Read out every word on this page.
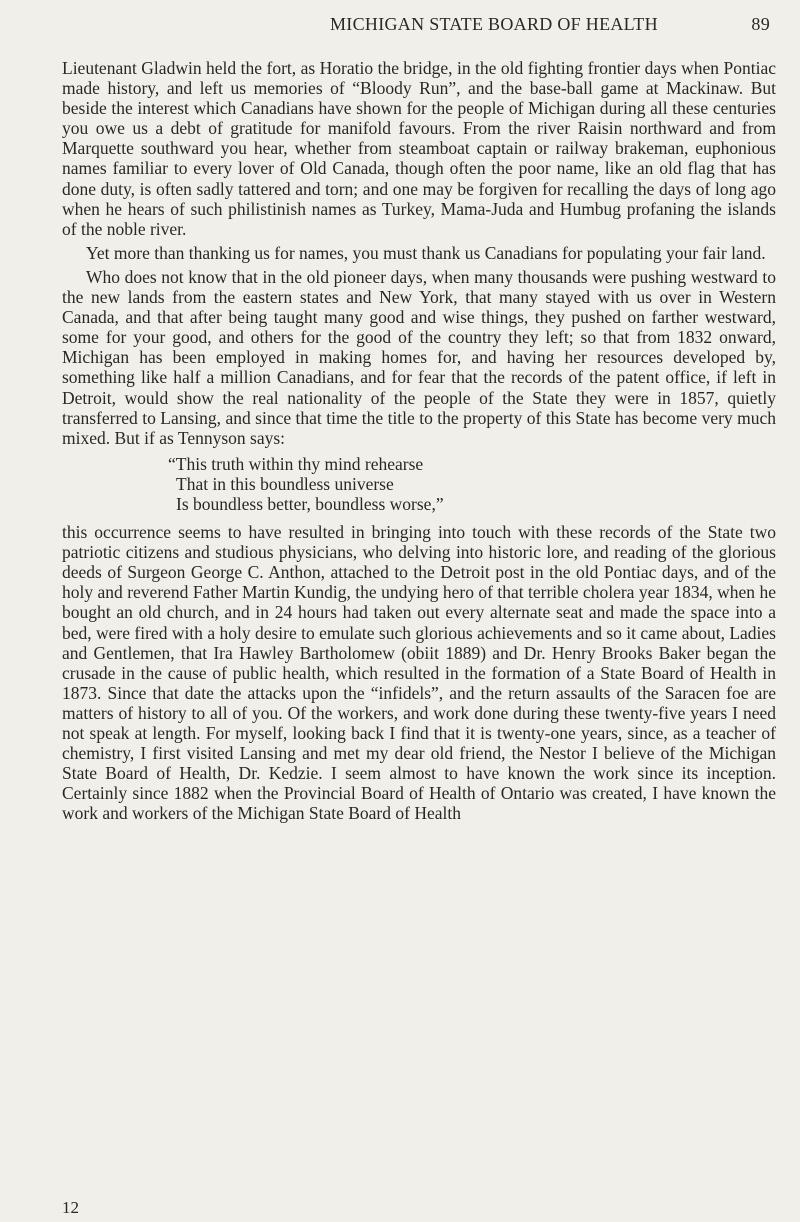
MICHIGAN STATE BOARD OF HEALTH	89

Lieutenant Gladwin held the fort, as Horatio the bridge, in the old fighting frontier days when Pontiac made history, and left us memories of “Bloody Run”, and the base-ball game at Mackinaw. But beside the interest which Canadians have shown for the people of Michigan during all these centuries you owe us a debt of gratitude for manifold favours. From the river Raisin northward and from Marquette southward you hear, whether from steamboat captain or railway brakeman, euphonious names familiar to every lover of Old Canada, though often the poor name, like an old flag that has done duty, is often sadly tattered and torn; and one may be forgiven for recalling the days of long ago when he hears of such philistinish names as Turkey, Mama-Juda and Humbug profaning the islands of the noble river.

Yet more than thanking us for names, you must thank us Canadians for populating your fair land.

Who does not know that in the old pioneer days, when many thousands were pushing westward to the new lands from the eastern states and New York, that many stayed with us over in Western Canada, and that after being taught many good and wise things, they pushed on farther westward, some for your good, and others for the good of the country they left; so that from 1832 onward, Michigan has been employed in making homes for, and having her resources developed by, something like half a million Canadians, and for fear that the records of the patent office, if left in Detroit, would show the real nationality of the people of the State they were in 1857, quietly transferred to Lansing, and since that time the title to the property of this State has become very much mixed. But if as Tennyson says:

“This truth within thy mind rehearse
That in this boundless universe
Is boundless better, boundless worse,”

this occurrence seems to have resulted in bringing into touch with these records of the State two patriotic citizens and studious physicians, who delving into historic lore, and reading of the glorious deeds of Surgeon George C. Anthon, attached to the Detroit post in the old Pontiac days, and of the holy and reverend Father Martin Kundig, the undying hero of that terrible cholera year 1834, when he bought an old church, and in 24 hours had taken out every alternate seat and made the space into a bed, were fired with a holy desire to emulate such glorious achievements and so it came about, Ladies and Gentlemen, that Ira Hawley Bartholomew (obiit 1889) and Dr. Henry Brooks Baker began the crusade in the cause of public health, which resulted in the formation of a State Board of Health in 1873. Since that date the attacks upon the “infidels”, and the return assaults of the Saracen foe are matters of history to all of you. Of the workers, and work done during these twenty-five years I need not speak at length. For myself, looking back I find that it is twenty-one years, since, as a teacher of chemistry, I first visited Lansing and met my dear old friend, the Nestor I believe of the Michigan State Board of Health, Dr. Kedzie. I seem almost to have known the work since its inception. Certainly since 1882 when the Provincial Board of Health of Ontario was created, I have known the work and workers of the Michigan State Board of Health

12
